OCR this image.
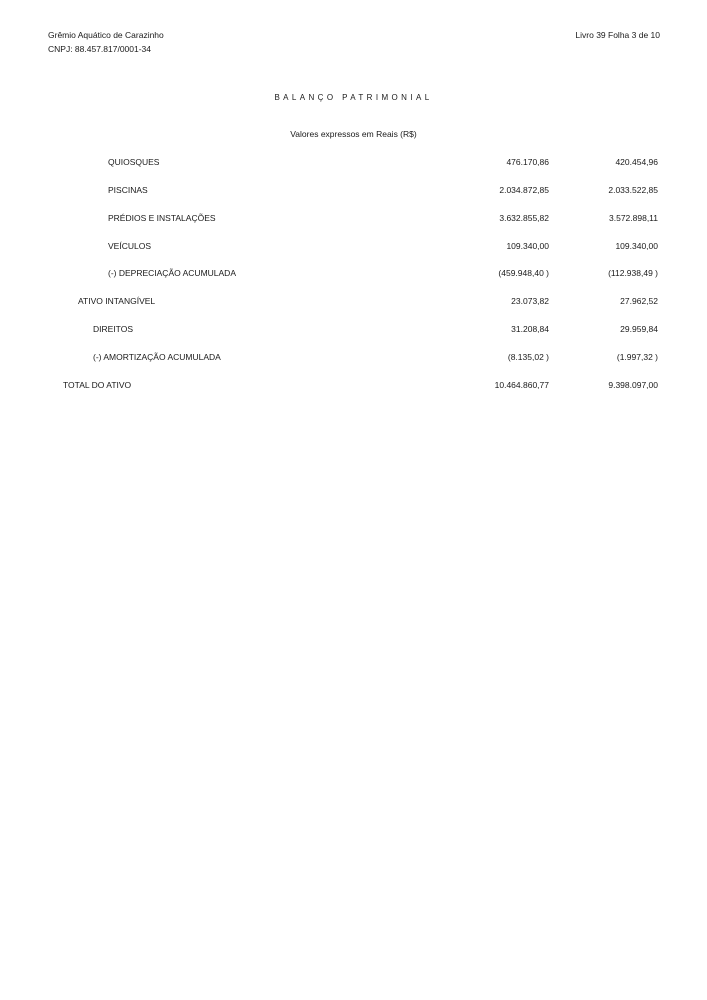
Grêmio Aquático de Carazinho
CNPJ: 88.457.817/0001-34
Livro 39 Folha 3 de 10
BALANÇO PATRIMONIAL
Valores expressos em Reais (R$)
QUIOSQUES	476.170,86	420.454,96
PISCINAS	2.034.872,85	2.033.522,85
PRÉDIOS E INSTALAÇÕES	3.632.855,82	3.572.898,11
VEÍCULOS	109.340,00	109.340,00
(-) DEPRECIAÇÃO ACUMULADA	(459.948,40 )	(112.938,49 )
ATIVO INTANGÍVEL	23.073,82	27.962,52
DIREITOS	31.208,84	29.959,84
(-) AMORTIZAÇÃO ACUMULADA	(8.135,02 )	(1.997,32 )
TOTAL DO ATIVO	10.464.860,77	9.398.097,00
